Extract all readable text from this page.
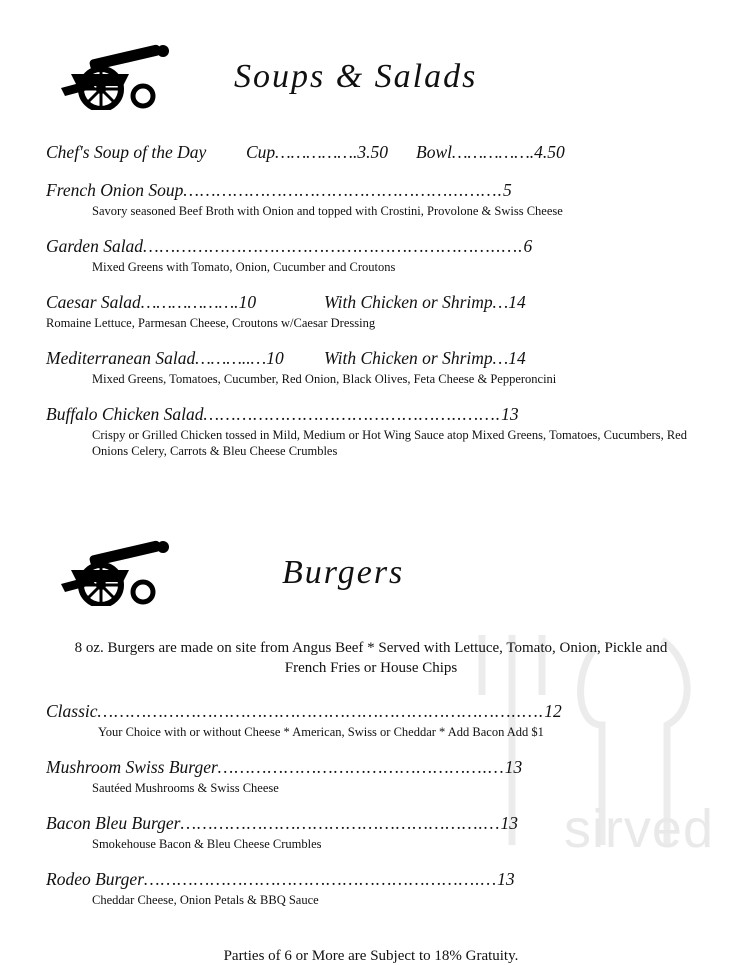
sirved
Soups & Salads
Chef's Soup of the Day	Cup…………….3.50	Bowl…………….4.50
French Onion Soup…………………………………………...…….5
Savory seasoned Beef Broth with Onion and topped with Crostini, Provolone & Swiss Cheese
Garden Salad………………………………………………………..….6
Mixed Greens with Tomato, Onion, Cucumber and Croutons
Caesar Salad……………….10	With Chicken or Shrimp…14
Romaine Lettuce, Parmesan Cheese, Croutons w/Caesar Dressing
Mediterranean Salad………..…10	With Chicken or Shrimp…14
Mixed Greens, Tomatoes, Cucumber, Red Onion, Black Olives, Feta Cheese & Pepperoncini
Buffalo Chicken Salad………………………………………..…….13
Crispy or Grilled Chicken tossed in Mild, Medium or Hot Wing Sauce atop Mixed Greens, Tomatoes, Cucumbers, Red Onions Celery, Carrots & Bleu Cheese Crumbles
Burgers
8 oz. Burgers are made on site from Angus Beef * Served with Lettuce, Tomato, Onion, Pickle and French Fries or House Chips
Classic…………………………………………………………………..….12
Your Choice with or without Cheese * American, Swiss or Cheddar * Add Bacon Add $1
Mushroom Swiss Burger………………………………………….…13
Sautéed Mushrooms & Swiss Cheese
Bacon Bleu Burger……………………………………………….…13
Smokehouse Bacon & Bleu Cheese Crumbles
Rodeo Burger…………………………………………………….…13
Cheddar Cheese, Onion Petals & BBQ Sauce
Parties of 6 or More are Subject to 18% Gratuity.
